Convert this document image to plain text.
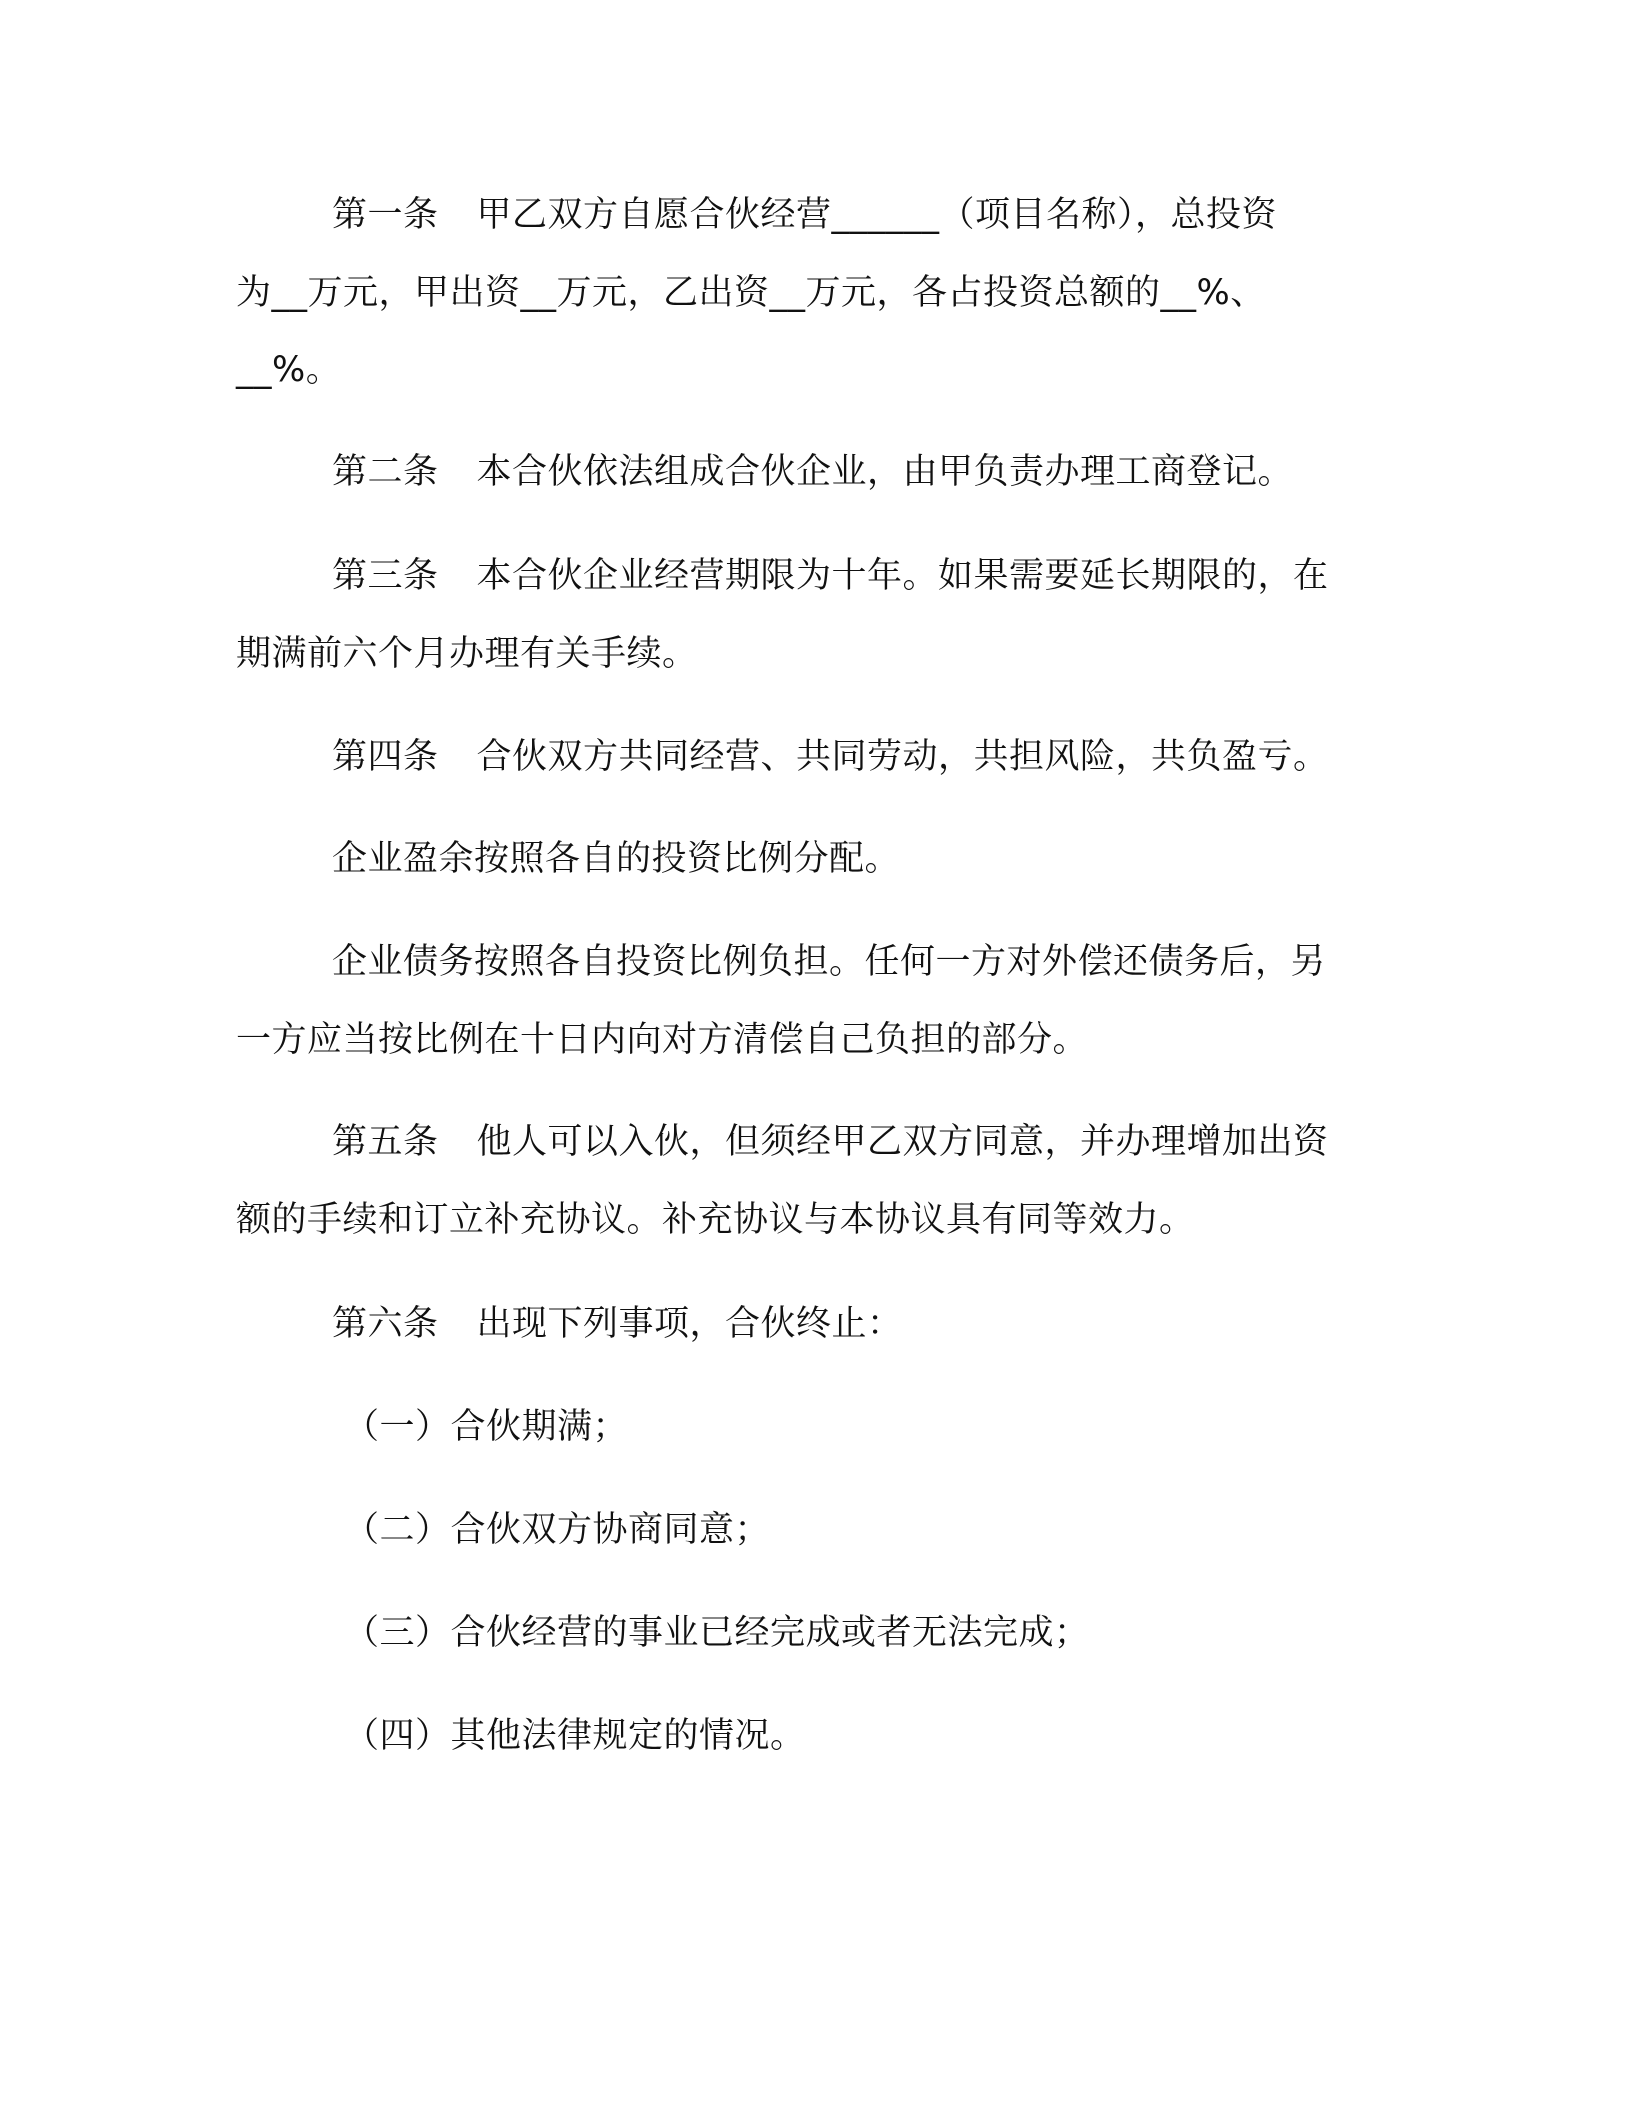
第一条 甲乙双方自愿合伙经营______（项目名称），总投资
为__万元，甲出资__万元，乙出资__万元，各占投资总额的__%、
__%。
第二条 本合伙依法组成合伙企业，由甲负责办理工商登记。
第三条 本合伙企业经营期限为十年。如果需要延长期限的，在
期满前六个月办理有关手续。
第四条 合伙双方共同经营、共同劳动，共担风险，共负盈亏。
企业盈余按照各自的投资比例分配。
企业债务按照各自投资比例负担。任何一方对外偿还债务后，另
一方应当按比例在十日内向对方清偿自己负担的部分。
第五条 他人可以入伙，但须经甲乙双方同意，并办理增加出资
额的手续和订立补充协议。补充协议与本协议具有同等效力。
第六条 出现下列事项，合伙终止：
（一）合伙期满；
（二）合伙双方协商同意；
（三）合伙经营的事业已经完成或者无法完成；
（四）其他法律规定的情况。
